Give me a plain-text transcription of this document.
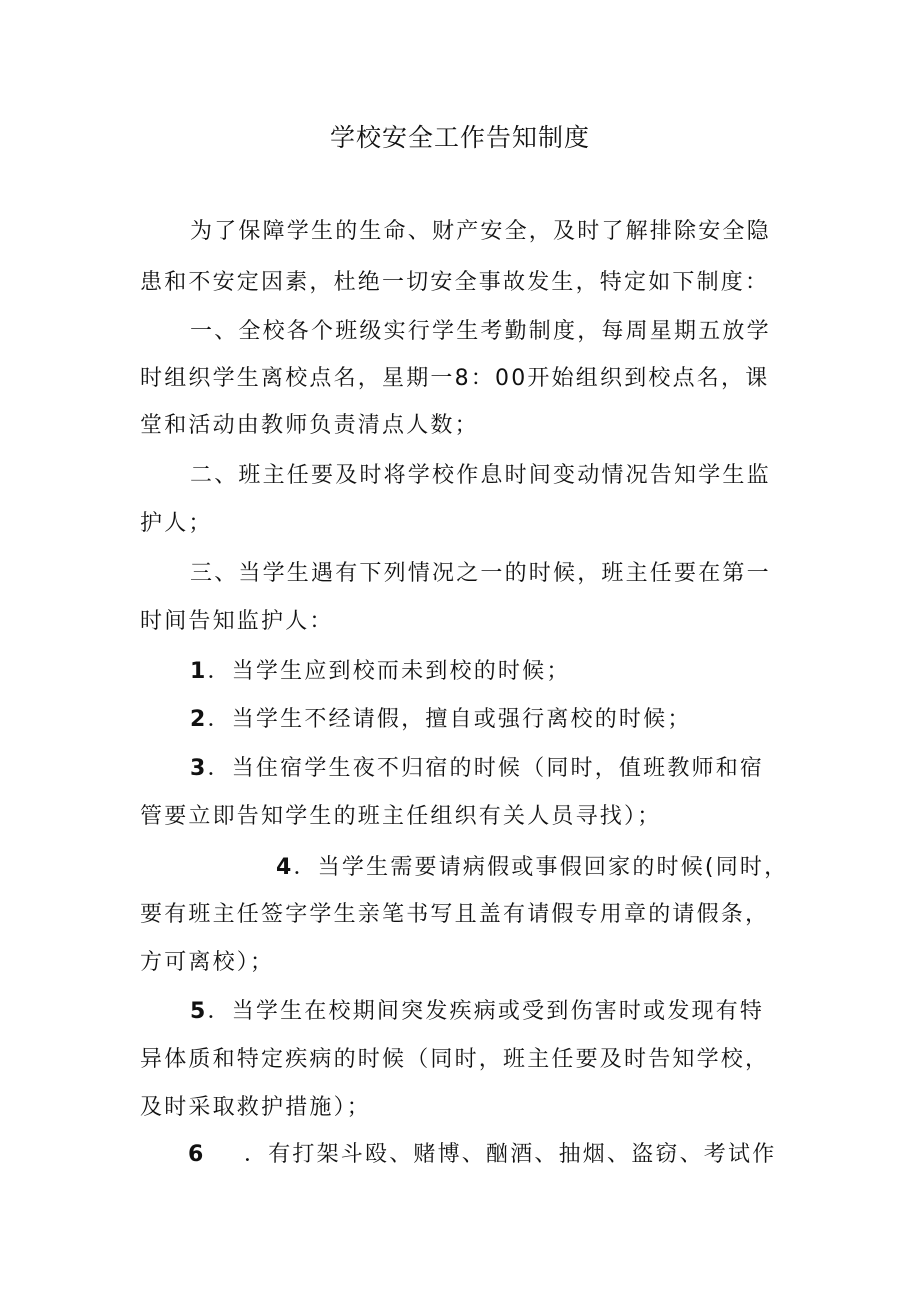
学校安全工作告知制度
为了保障学生的生命、财产安全，及时了解排除安全隐
患和不安定因素，杜绝一切安全事故发生，特定如下制度：
一、全校各个班级实行学生考勤制度，每周星期五放学
时组织学生离校点名，星期一8：00开始组织到校点名，课
堂和活动由教师负责清点人数；
二、班主任要及时将学校作息时间变动情况告知学生监
护人；
三、当学生遇有下列情况之一的时候，班主任要在第一
时间告知监护人：
1．当学生应到校而未到校的时候；
2．当学生不经请假，擅自或强行离校的时候；
3．当住宿学生夜不归宿的时候（同时，值班教师和宿
管要立即告知学生的班主任组织有关人员寻找）；
4．当学生需要请病假或事假回家的时候(同时，
要有班主任签字学生亲笔书写且盖有请假专用章的请假条，
方可离校）；
5．当学生在校期间突发疾病或受到伤害时或发现有特
异体质和特定疾病的时候（同时，班主任要及时告知学校，
及时采取救护措施）；
6 ．有打架斗殴、赌博、酗酒、抽烟、盗窃、考试作
